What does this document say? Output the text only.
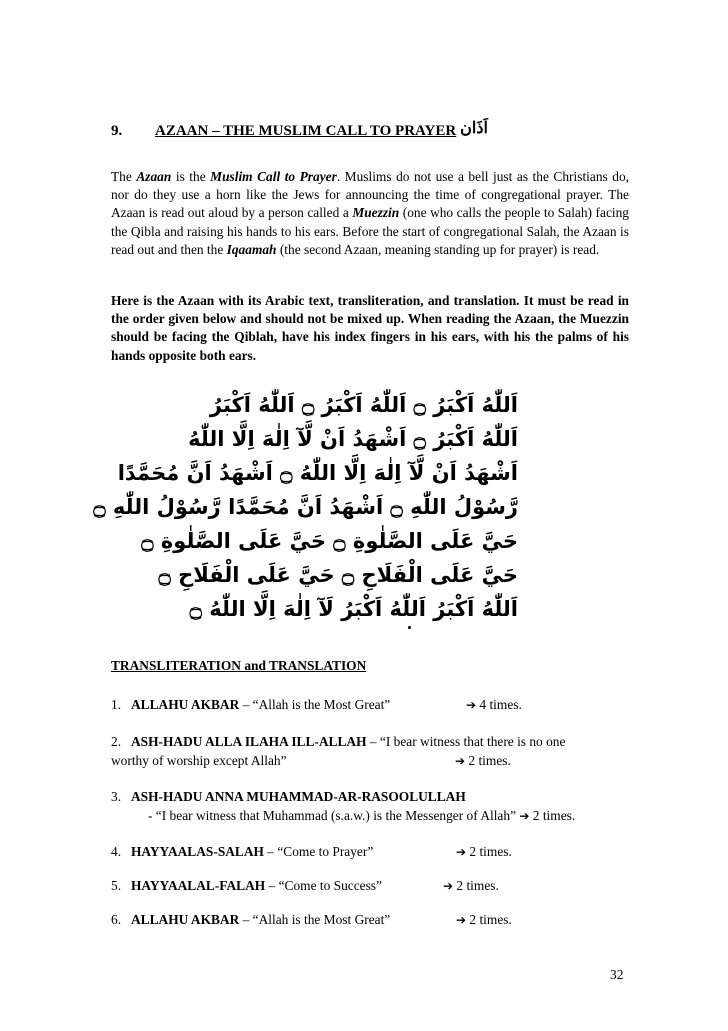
9. AZAAN – THE MUSLIM CALL TO PRAYER اَذَان
The Azaan is the Muslim Call to Prayer. Muslims do not use a bell just as the Christians do, nor do they use a horn like the Jews for announcing the time of congregational prayer. The Azaan is read out aloud by a person called a Muezzin (one who calls the people to Salah) facing the Qibla and raising his hands to his ears. Before the start of congregational Salah, the Azaan is read out and then the Iqaamah (the second Azaan, meaning standing up for prayer) is read.
Here is the Azaan with its Arabic text, transliteration, and translation. It must be read in the order given below and should not be mixed up. When reading the Azaan, the Muezzin should be facing the Qiblah, have his index fingers in his ears, with his the palms of his hands opposite both ears.
اَللّٰهُ اَكْبَرُ ۝ اَللّٰهُ اَكْبَرُ ۝ اَللّٰهُ اَكْبَرُ
اَللّٰهُ اَكْبَرُ ۝ اَشْهَدُ اَنْ لَّآ اِلٰهَ اِلَّا اللّٰهُ
اَشْهَدُ اَنْ لَّآ اِلٰهَ اِلَّا اللّٰهُ ۝ اَشْهَدُ اَنَّ مُحَمَّدًا
رَّسُوْلُ اللّٰهِ ۝ اَشْهَدُ اَنَّ مُحَمَّدًا رَّسُوْلُ اللّٰهِ ۝
حَيَّ عَلَى الصَّلٰوةِ ۝ حَيَّ عَلَى الصَّلٰوةِ ۝
حَيَّ عَلَى الْفَلَاحِ ۝ حَيَّ عَلَى الْفَلَاحِ ۝
اَللّٰهُ اَكْبَرُ اَللّٰهُ اَكْبَرُ لَآ اِلٰهَ اِلَّا اللّٰهُ ۝
TRANSLITERATION and TRANSLATION
1. ALLAHU AKBAR – “Allah is the Most Great”	➔ 4 times.
2. ASH-HADU ALLA ILAHA ILL-ALLAH – “I bear witness that there is no one
worthy of worship except Allah”	➔ 2 times.
3. ASH-HADU ANNA MUHAMMAD-AR-RASOOLULLAH
- “I bear witness that Muhammad (s.a.w.) is the Messenger of Allah” ➔ 2 times.
4. HAYYAALAS-SALAH – “Come to Prayer”	➔ 2 times.
5. HAYYAALAL-FALAH – “Come to Success”	➔ 2 times.
6. ALLAHU AKBAR – “Allah is the Most Great”	➔ 2 times.
32
